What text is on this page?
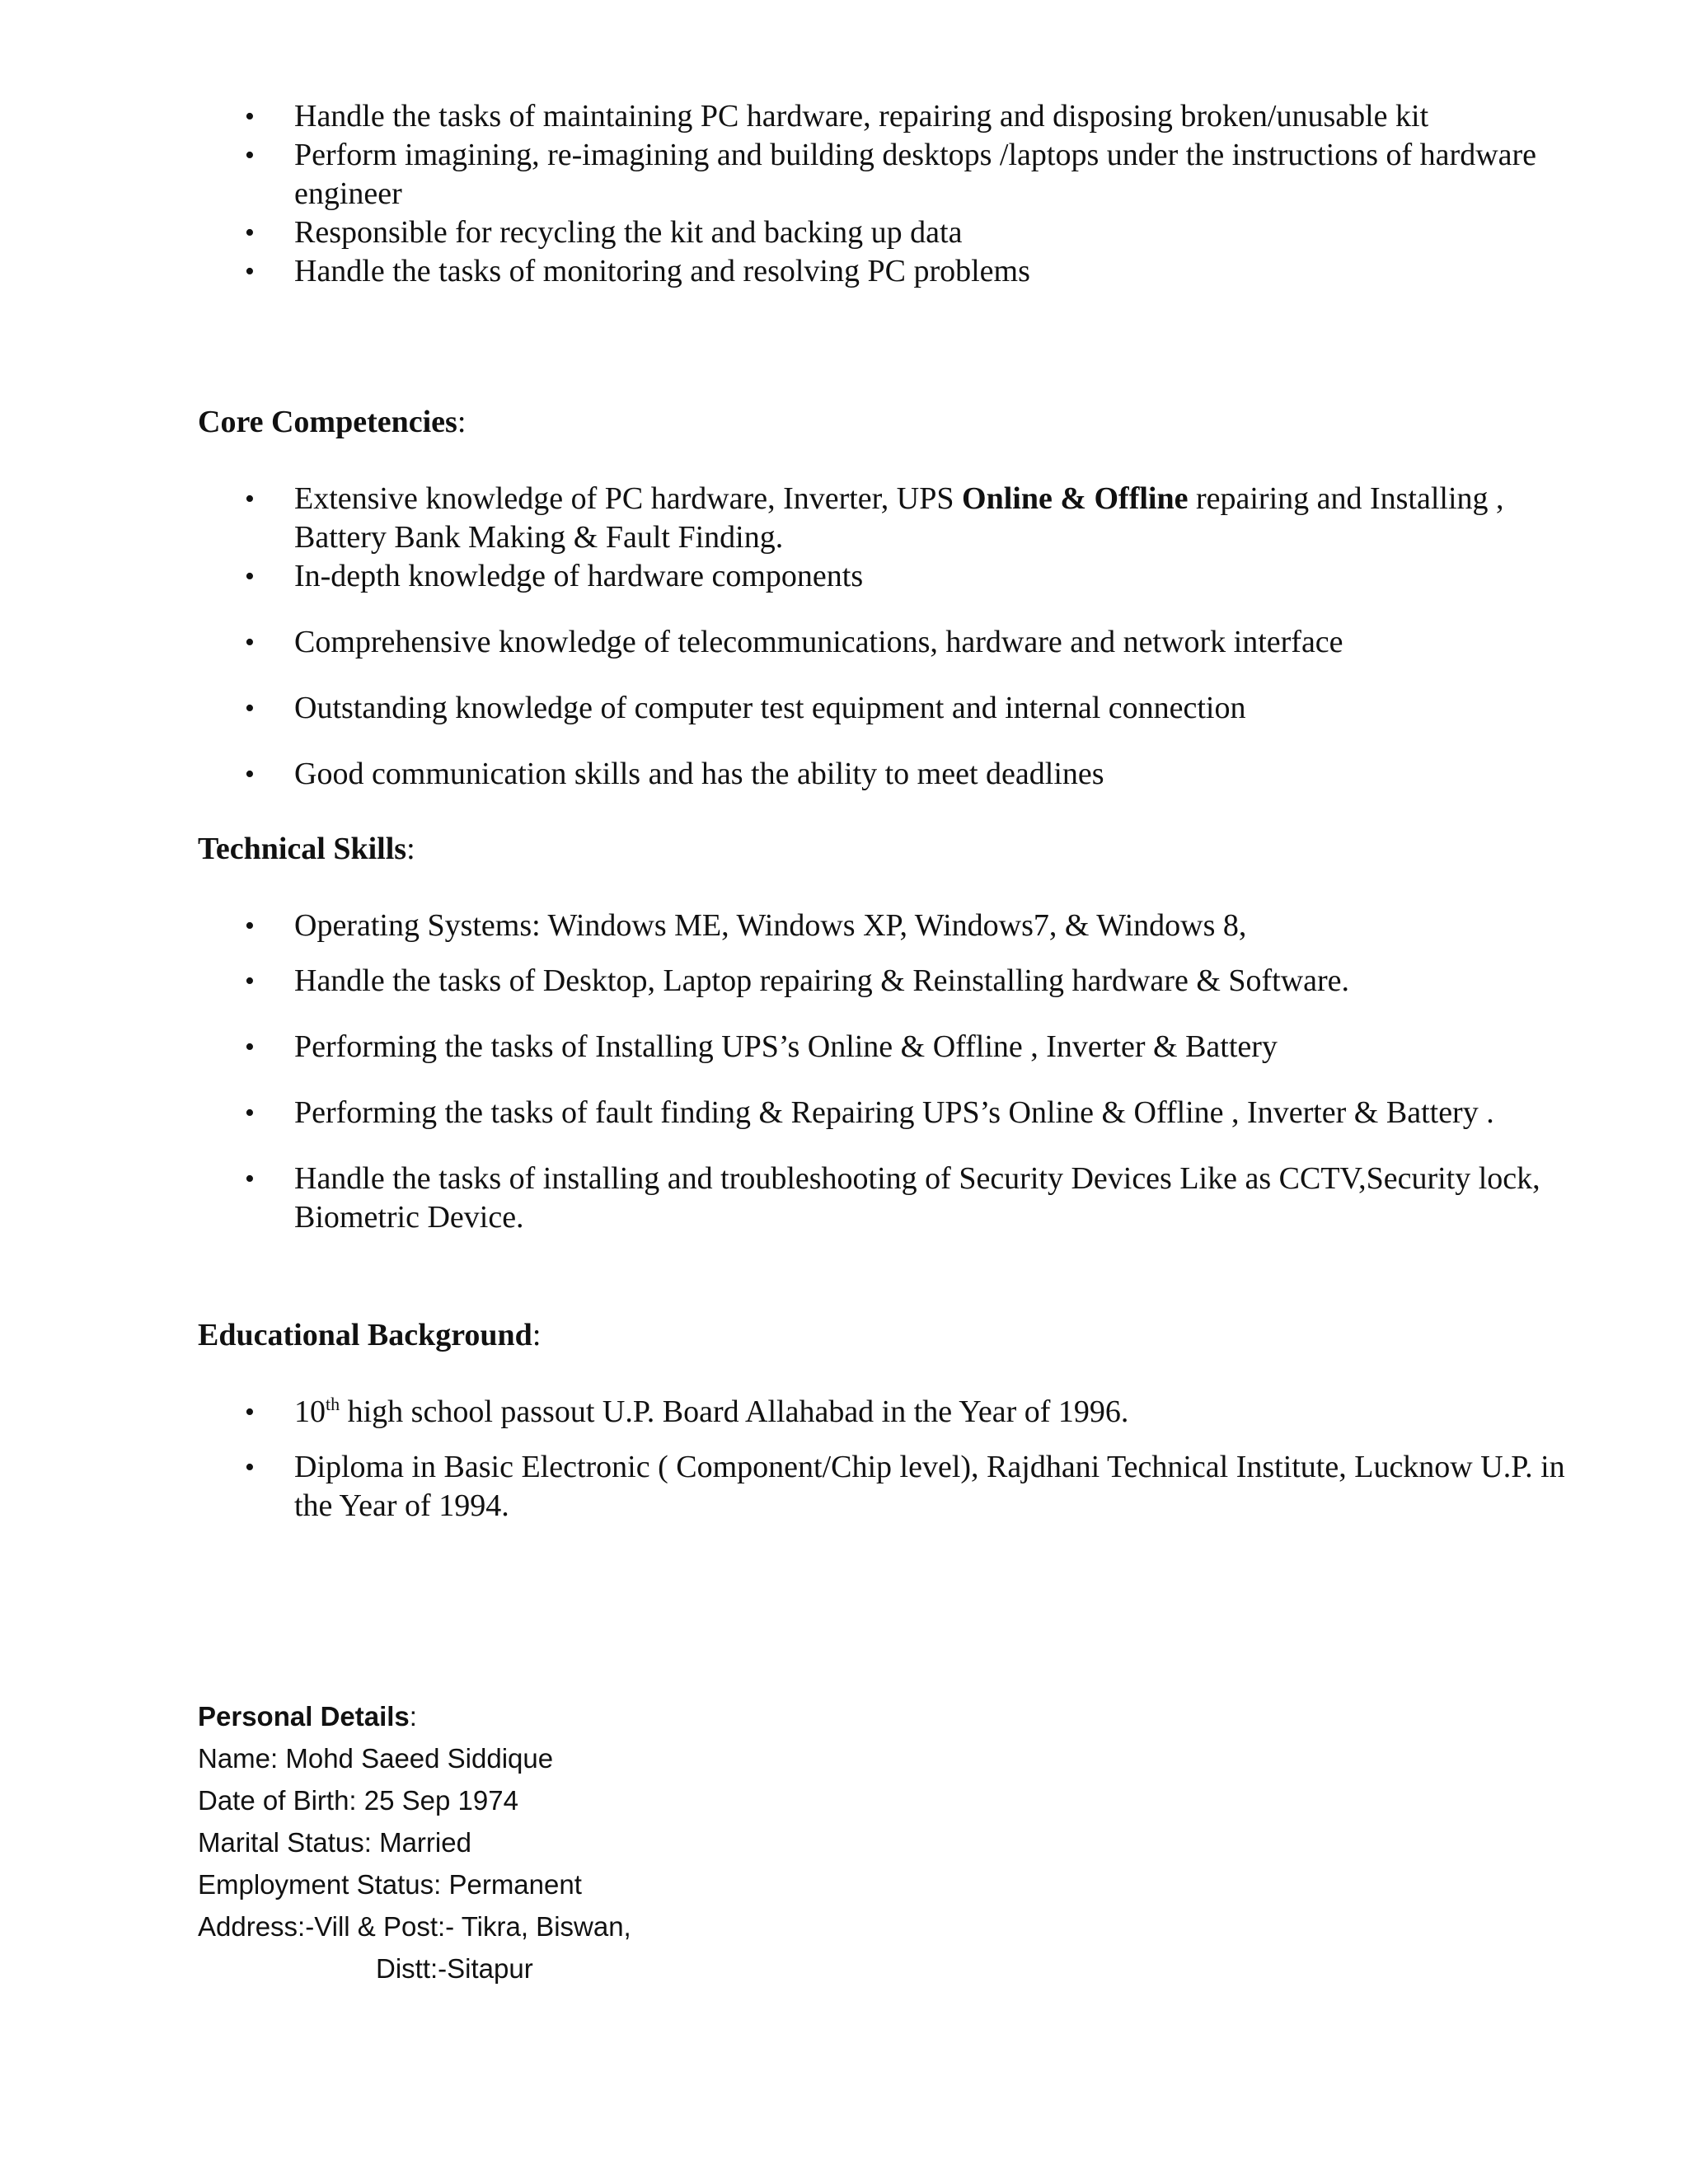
• Handle the tasks of maintaining PC hardware, repairing and disposing broken/unusable kit
• Perform imagining, re-imagining and building desktops /laptops under the instructions of hardware engineer
• Responsible for recycling the kit and backing up data
• Handle the tasks of monitoring and resolving PC problems
Core Competencies:
• Extensive knowledge of PC hardware, Inverter, UPS Online & Offline repairing and Installing , Battery Bank Making & Fault Finding.
• In-depth knowledge of hardware components
• Comprehensive knowledge of telecommunications, hardware and network interface
• Outstanding knowledge of computer test equipment and internal connection
• Good communication skills and has the ability to meet deadlines
Technical Skills:
• Operating Systems: Windows ME, Windows XP, Windows7, & Windows 8,
• Handle the tasks of Desktop, Laptop repairing & Reinstalling hardware & Software.
• Performing the tasks of Installing UPS’s Online & Offline , Inverter & Battery
• Performing the tasks of fault finding & Repairing UPS’s Online & Offline , Inverter & Battery .
• Handle the tasks of installing and troubleshooting of Security Devices Like as CCTV,Security lock, Biometric Device.
Educational Background:
• 10th high school passout U.P. Board Allahabad in the Year of 1996.
• Diploma in Basic Electronic ( Component/Chip level), Rajdhani Technical Institute, Lucknow U.P. in the Year of 1994.
Personal Details:
Name: Mohd Saeed Siddique
Date of Birth: 25 Sep 1974
Marital Status: Married
Employment Status: Permanent
Address:-Vill & Post:- Tikra, Biswan,
Distt:-Sitapur
